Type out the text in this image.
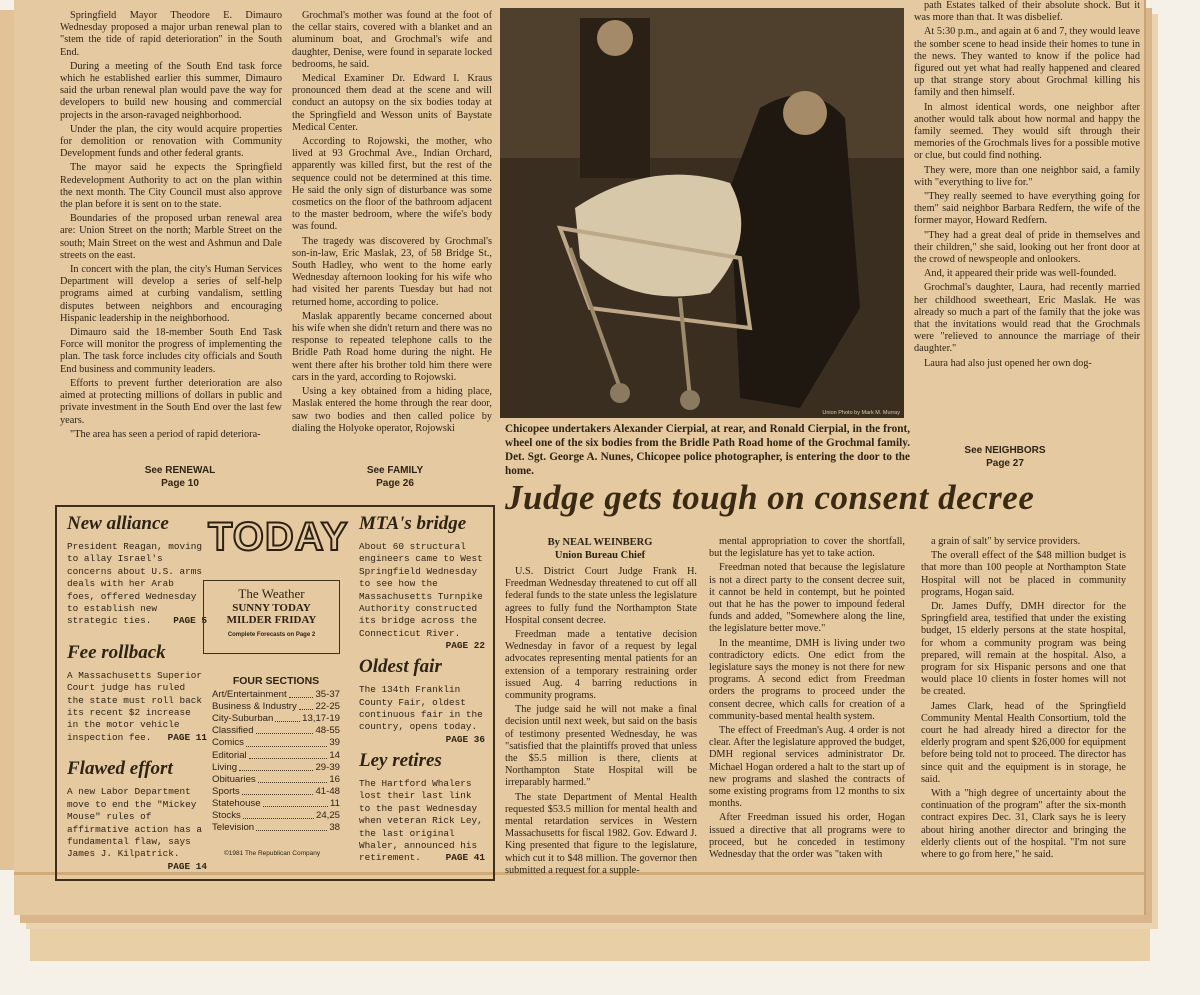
Springfield Mayor Theodore E. Dimauro Wednesday proposed a major urban renewal plan to "stem the tide of rapid deterioration" in the South End.

During a meeting of the South End task force which he established earlier this summer, Dimauro said the urban renewal plan would pave the way for developers to build new housing and commercial projects in the arson-ravaged neighborhood.

Under the plan, the city would acquire properties for demolition or renovation with Community Development funds and other federal grants.

The mayor said he expects the Springfield Redevelopment Authority to act on the plan within the next month. The City Council must also approve the plan before it is sent on to the state.

Boundaries of the proposed urban renewal area are: Union Street on the north; Marble Street on the south; Main Street on the west and Ashmun and Dale streets on the east.

In concert with the plan, the city's Human Services Department will develop a series of self-help programs aimed at curbing vandalism, settling disputes between neighbors and encouraging Hispanic leadership in the neighborhood.

Dimauro said the 18-member South End Task Force will monitor the progress of implementing the plan. The task force includes city officials and South End business and community leaders.

Efforts to prevent further deterioration are also aimed at protecting millions of dollars in public and private investment in the South End over the last few years.

"The area has seen a period of rapid deteriora-

See RENEWAL
Page 10

Grochmal's mother was found at the foot of the cellar stairs, covered with a blanket and an aluminum boat, and Grochmal's wife and daughter, Denise, were found in separate locked bedrooms, he said.

Medical Examiner Dr. Edward I. Kraus pronounced them dead at the scene and will conduct an autopsy on the six bodies today at the Springfield and Wesson units of Baystate Medical Center.

According to Rojowski, the mother, who lived at 93 Grochmal Ave., Indian Orchard, apparently was killed first, but the rest of the sequence could not be determined at this time. He said the only sign of disturbance was some cosmetics on the floor of the bathroom adjacent to the master bedroom, where the wife's body was found.

The tragedy was discovered by Grochmal's son-in-law, Eric Maslak, 23, of 58 Bridge St., South Hadley, who went to the home early Wednesday afternoon looking for his wife who had visited her parents Tuesday but had not returned home, according to police.

Maslak apparently became concerned about his wife when she didn't return and there was no response to repeated telephone calls to the Bridle Path Road home during the night. He went there after his brother told him there were cars in the yard, according to Rojowski.

Using a key obtained from a hiding place, Maslak entered the home through the rear door, saw two bodies and then called police by dialing the Holyoke operator, Rojowski

See FAMILY
Page 26
Union Photo by Mark M. Murray
Chicopee undertakers Alexander Cierpial, at rear, and Ronald Cierpial, in the front, wheel one of the six bodies from the Bridle Path Road home of the Grochmal family. Det. Sgt. George A. Nunes, Chicopee police photographer, is entering the door to the home.

path Estates talked of their absolute shock. But it was more than that. It was disbelief.

At 5:30 p.m., and again at 6 and 7, they would leave the somber scene to head inside their homes to tune in the news. They wanted to know if the police had figured out yet what had really happened and cleared up that strange story about Grochmal killing his family and then himself.

In almost identical words, one neighbor after another would talk about how normal and happy the family seemed. They would sift through their memories of the Grochmals lives for a possible motive or clue, but could find nothing.

They were, more than one neighbor said, a family with "everything to live for."

"They really seemed to have everything going for them" said neighbor Barbara Redfern, the wife of the former mayor, Howard Redfern.

"They had a great deal of pride in themselves and their children," she said, looking out her front door at the crowd of newspeople and onlookers.

And, it appeared their pride was well-founded.

Grochmal's daughter, Laura, had recently married her childhood sweetheart, Eric Maslak. He was already so much a part of the family that the joke was that the invitations would read that the Grochmals were "relieved to announce the marriage of their daughter."

Laura had also just opened her own dog-

See NEIGHBORS
Page 27
New alliance
President Reagan, moving to allay Israel's concerns about U.S. arms deals with her Arab foes, offered Wednesday to establish new strategic ties. PAGE 5
Fee rollback
A Massachusetts Superior Court judge has ruled the state must roll back its recent $2 increase in the motor vehicle inspection fee. PAGE 11
Flawed effort
A new Labor Department move to end the "Mickey Mouse" rules of affirmative action has a fundamental flaw, says James J. Kilpatrick.
PAGE 14
MTA's bridge
About 60 structural engineers came to West Springfield Wednesday to see how the Massachusetts Turnpike Authority constructed its bridge across the Connecticut River.
PAGE 22
Oldest fair
The 134th Franklin County Fair, oldest continuous fair in the country, opens today.
PAGE 36
Ley retires
The Hartford Whalers lost their last link to the past Wednesday when veteran Rick Ley, the last original Whaler, announced his retirement.	PAGE 41
TODAY
The Weather
SUNNY TODAY
MILDER FRIDAY
Complete Forecasts on Page 2
FOUR SECTIONS
Art/Entertainment	35-37
Business & Industry 22-25
City-Suburban	13,17-19
Classified	48-55
Comics	39
Editorial	14
Living	29-39
Obituaries	16
Sports	41-48
Statehouse	11
Stocks	24,25
Television	38
©1981 The Republican Company
Judge gets tough on consent decree
By NEAL WEINBERG
Union Bureau Chief

U.S. District Court Judge Frank H. Freedman Wednesday threatened to cut off all federal funds to the state unless the legislature agrees to fully fund the Northampton State Hospital consent decree.

Freedman made a tentative decision Wednesday in favor of a request by legal advocates representing mental patients for an extension of a temporary restraining order issued Aug. 4 barring reductions in community programs.

The judge said he will not make a final decision until next week, but said on the basis of testimony presented Wednesday, he was "satisfied that the plaintiffs proved that unless the $5.5 million is there, clients at Northampton State Hospital will be irreparably harmed."

The state Department of Mental Health requested $53.5 million for mental health and mental retardation services in Western Massachusetts for fiscal 1982. Gov. Edward J. King presented that figure to the legislature, which cut it to $48 million. The governor then submitted a request for a supple-

mental appropriation to cover the shortfall, but the legislature has yet to take action.

Freedman noted that because the legislature is not a direct party to the consent decree suit, it cannot be held in contempt, but he pointed out that he has the power to impound federal funds and added, "Somewhere along the line, the legislature better move."

In the meantime, DMH is living under two contradictory edicts. One edict from the legislature says the money is not there for new programs. A second edict from Freedman orders the programs to proceed under the consent decree, which calls for creation of a community-based mental health system.

The effect of Freedman's Aug. 4 order is not clear. After the legislature approved the budget, DMH regional services administrator Dr. Michael Hogan ordered a halt to the start up of new programs and slashed the contracts of some existing programs from 12 months to six months.

After Freedman issued his order, Hogan issued a directive that all programs were to proceed, but he conceded in testimony Wednesday that the order was "taken with

a grain of salt" by service providers.

The overall effect of the $48 million budget is that more than 100 people at Northampton State Hospital will not be placed in community programs, Hogan said.

Dr. James Duffy, DMH director for the Springfield area, testified that under the existing budget, 15 elderly persons at the state hospital, for whom a community program was being prepared, will remain at the hospital. Also, a program for six Hispanic persons and one that would place 10 clients in foster homes will not be created.

James Clark, head of the Springfield Community Mental Health Consortium, told the court he had already hired a director for the elderly program and spent $26,000 for equipment before being told not to proceed. The director has since quit and the equipment is in storage, he said.

With a "high degree of uncertainty about the continuation of the program" after the six-month contract expires Dec. 31, Clark says he is leery about hiring another director and bringing the elderly clients out of the hospital. "I'm not sure where to go from here," he said.
